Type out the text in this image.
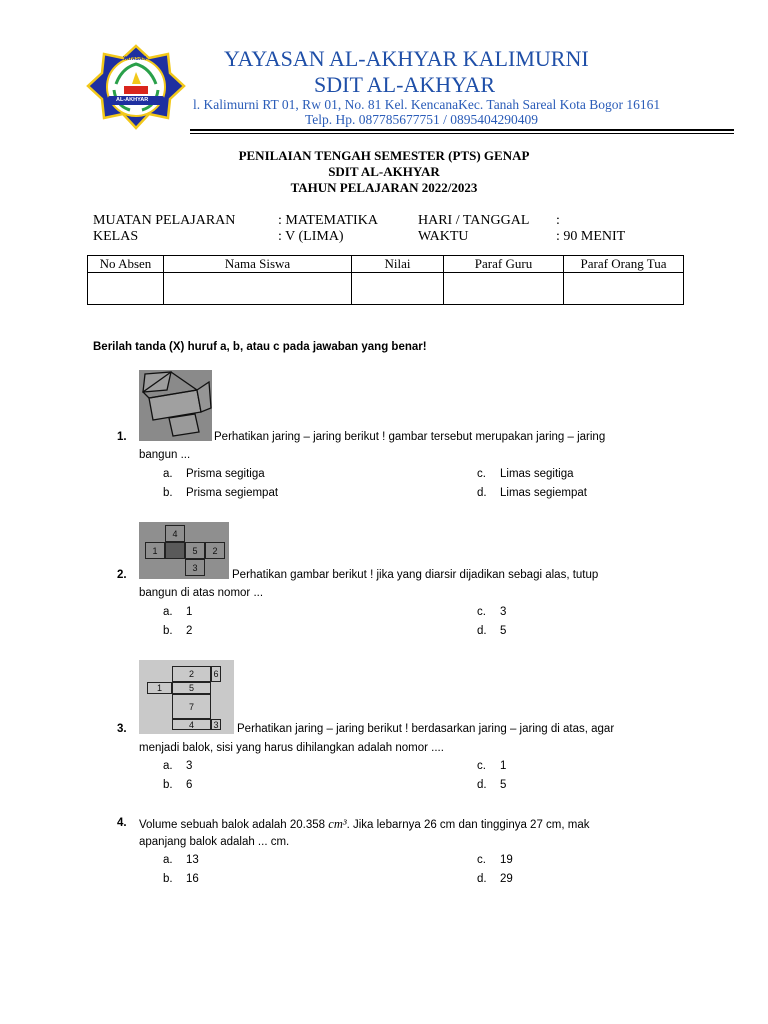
YAYASAN
AL-AKHYAR
YAYASAN AL-AKHYAR KALIMURNI
SDIT AL-AKHYAR
l. Kalimurni RT 01, Rw 01, No. 81 Kel. KencanaKec. Tanah Sareal Kota Bogor 16161
Telp. Hp. 087785677751 / 0895404290409
PENILAIAN TENGAH SEMESTER (PTS) GENAP
SDIT AL-AKHYAR
TAHUN PELAJARAN 2022/2023
MUATAN PELAJARAN	: MATEMATIKA	HARI / TANGGAL :
KELAS	: V (LIMA)	WAKTU	: 90 MENIT
No Absen	Nama Siswa	Nilai	Paraf Guru	Paraf Orang Tua

Berilah tanda (X) huruf a, b, atau c pada jawaban yang benar!
1.	Perhatikan jaring – jaring berikut ! gambar tersebut merupakan jaring – jaring
bangun ...
a. Prisma segitiga	c. Limas segitiga
b. Prisma segiempat	d. Limas segiempat
4
1	5	2
3
2.	Perhatikan gambar berikut ! jika yang diarsir dijadikan sebagi alas, tutup
bangun di atas nomor ...
a. 1	c. 3
b. 2	d. 5
2	6
1	5
7
4	3
3.	Perhatikan jaring – jaring berikut ! berdasarkan jaring – jaring di atas, agar
menjadi balok, sisi yang harus dihilangkan adalah nomor ....
a. 3	c. 1
b. 6	d. 5
4. Volume sebuah balok adalah 20.358 cm³. Jika lebarnya 26 cm dan tingginya 27 cm, mak
apanjang balok adalah ... cm.
a. 13	c. 19
b. 16	d. 29
